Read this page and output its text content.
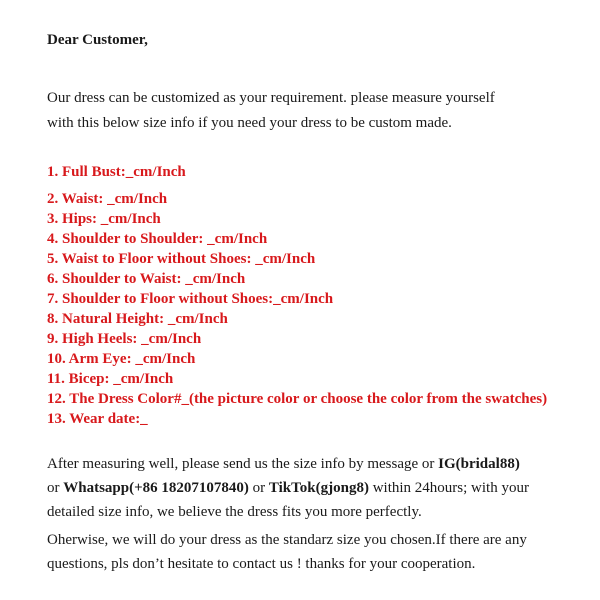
Dear Customer,

Our dress can be customized as your requirement. please measure yourself
with this below size info if you need your dress to be custom made.

1. Full Bust:_cm/Inch
2. Waist: _cm/Inch
3. Hips: _cm/Inch
4. Shoulder to Shoulder: _cm/Inch
5. Waist to Floor without Shoes: _cm/Inch
6. Shoulder to Waist: _cm/Inch
7. Shoulder to Floor without Shoes:_cm/Inch
8. Natural Height: _cm/Inch
9. High Heels: _cm/Inch
10. Arm Eye: _cm/Inch
11. Bicep: _cm/Inch
12. The Dress Color#_(the picture color or choose the color from the swatches)
13. Wear date:_
After measuring well, please send us the size info by message or IG(bridal88)
or Whatsapp(+86 18207107840) or TikTok(gjong8) within 24hours; with your
detailed size info, we believe the dress fits you more perfectly.
Oherwise, we will do your dress as the standarz size you chosen.If there are any
questions, pls don’t hesitate to contact us ! thanks for your cooperation.
